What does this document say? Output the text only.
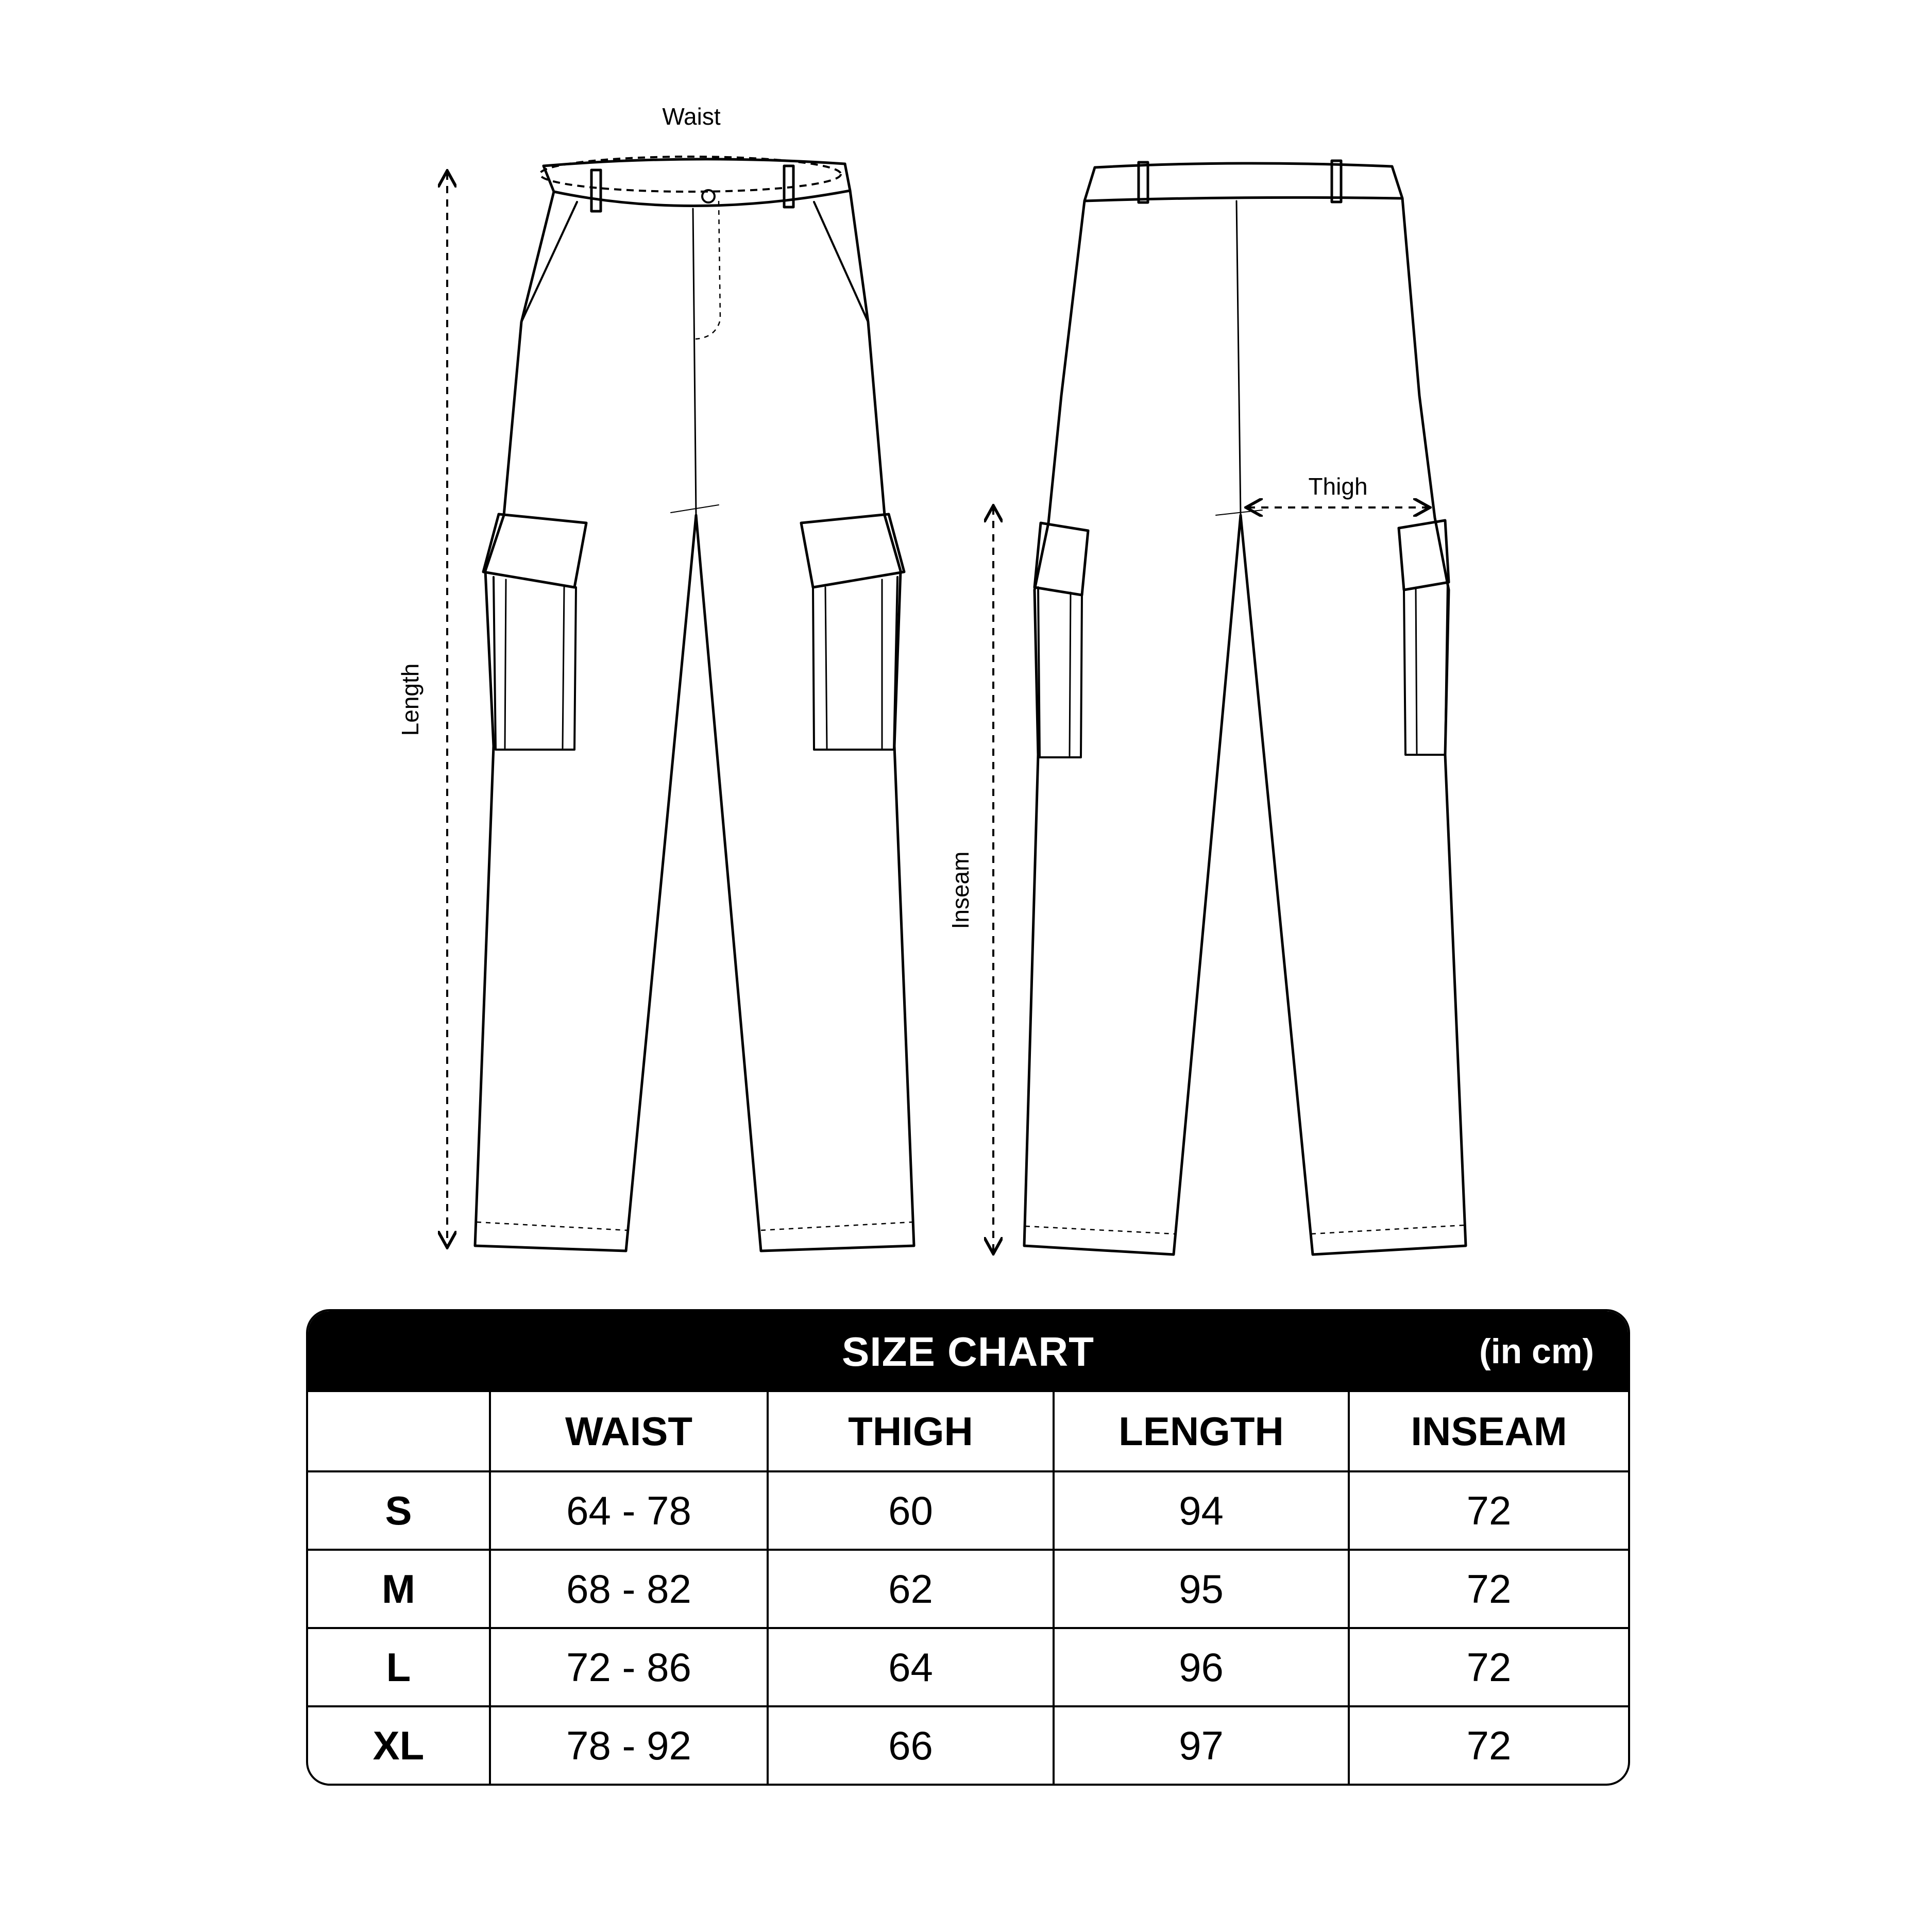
Waist
Length
Thigh
Inseam
SIZE CHART	(in cm)
	WAIST	THIGH	LENGTH	INSEAM
S	64 - 78	60	94	72
M	68 - 82	62	95	72
L	72 - 86	64	96	72
XL	78 - 92	66	97	72
